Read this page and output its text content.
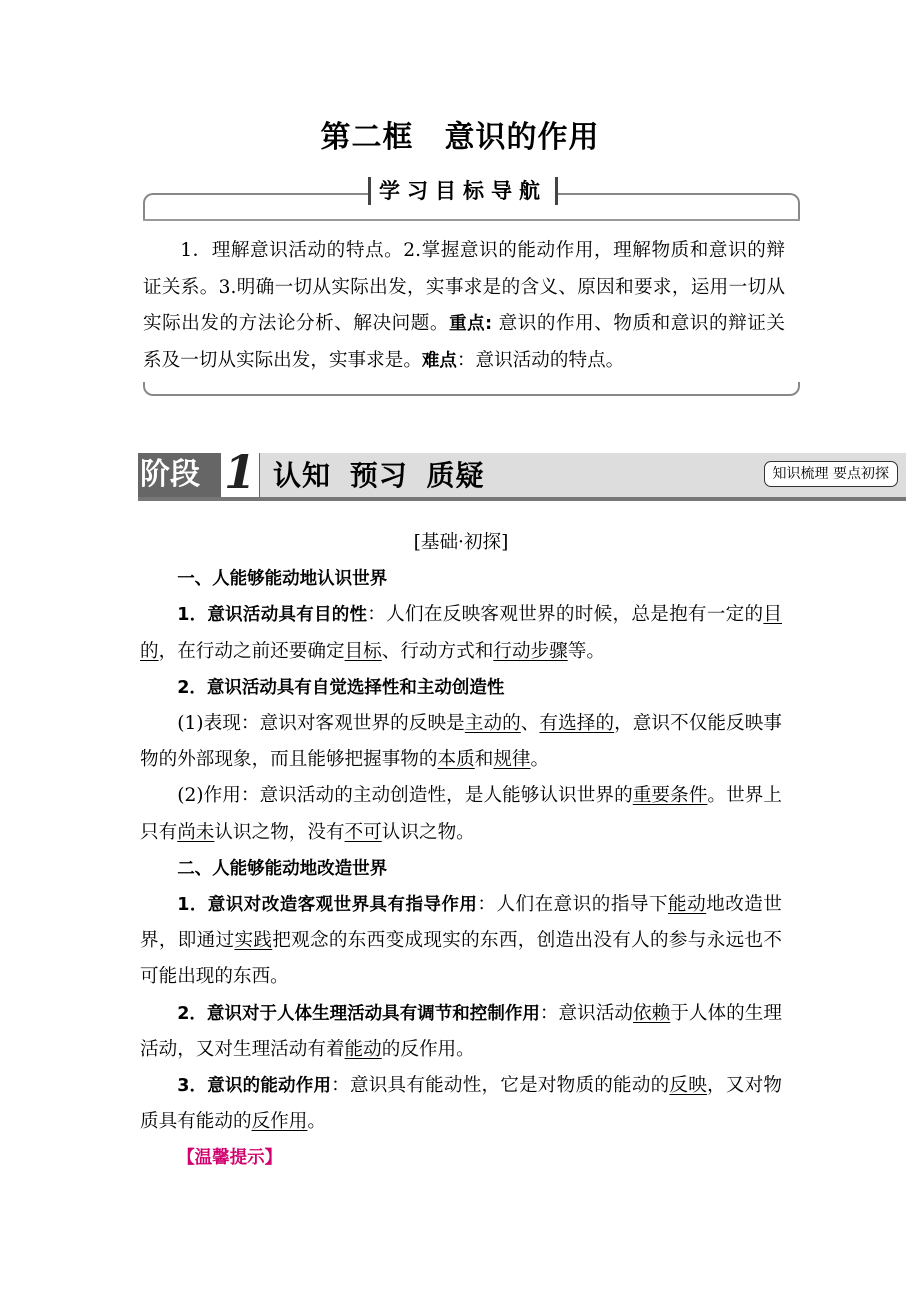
第二框　意识的作用
学习目标导航
1．理解意识活动的特点。2.掌握意识的能动作用，理解物质和意识的辩证关系。3.明确一切从实际出发，实事求是的含义、原因和要求，运用一切从实际出发的方法论分析、解决问题。重点: 意识的作用、物质和意识的辩证关系及一切从实际出发，实事求是。难点：意识活动的特点。
阶段 1 认知 预习 质疑	知识梳理 要点初探

[基础·初探]

一、人能够能动地认识世界

1．意识活动具有目的性：人们在反映客观世界的时候，总是抱有一定的目的，在行动之前还要确定目标、行动方式和行动步骤等。

2．意识活动具有自觉选择性和主动创造性

(1)表现：意识对客观世界的反映是主动的、有选择的，意识不仅能反映事物的外部现象，而且能够把握事物的本质和规律。

(2)作用：意识活动的主动创造性，是人能够认识世界的重要条件。世界上只有尚未认识之物，没有不可认识之物。

二、人能够能动地改造世界

1．意识对改造客观世界具有指导作用：人们在意识的指导下能动地改造世界，即通过实践把观念的东西变成现实的东西，创造出没有人的参与永远也不可能出现的东西。

2．意识对于人体生理活动具有调节和控制作用：意识活动依赖于人体的生理活动，又对生理活动有着能动的反作用。

3．意识的能动作用：意识具有能动性，它是对物质的能动的反映，又对物质具有能动的反作用。

【温馨提示】
